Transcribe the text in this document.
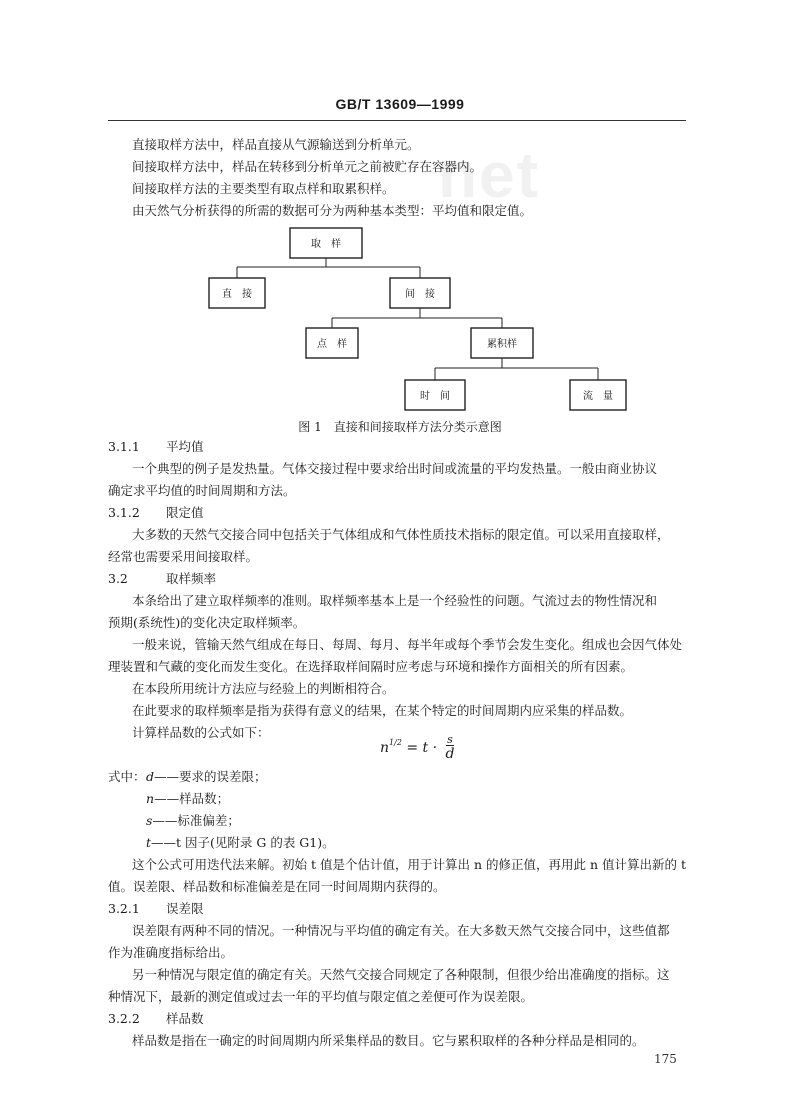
net
GB/T 13609—1999
直接取样方法中，样品直接从气源输送到分析单元。
间接取样方法中，样品在转移到分析单元之前被贮存在容器内。
间接取样方法的主要类型有取点样和取累积样。
由天然气分析获得的所需的数据可分为两种基本类型：平均值和限定值。
取　样
直　接	间　接
点　样	累积样
时　间	流　量
图 1　直接和间接取样方法分类示意图
3.1.1 平均值
一个典型的例子是发热量。气体交接过程中要求给出时间或流量的平均发热量。一般由商业协议
确定求平均值的时间周期和方法。
3.1.2 限定值
大多数的天然气交接合同中包括关于气体组成和气体性质技术指标的限定值。可以采用直接取样，
经常也需要采用间接取样。
3.2	取样频率
本条给出了建立取样频率的准则。取样频率基本上是一个经验性的问题。气流过去的物性情况和
预期(系统性)的变化决定取样频率。
一般来说，管输天然气组成在每日、每周、每月、每半年或每个季节会发生变化。组成也会因气体处
理装置和气藏的变化而发生变化。在选择取样间隔时应考虑与环境和操作方面相关的所有因素。
在本段所用统计方法应与经验上的判断相符合。
在此要求的取样频率是指为获得有意义的结果，在某个特定的时间周期内应采集的样品数。
计算样品数的公式如下：
$n^{1/2} = t \cdot \frac{s}{d}$
式中： d——要求的误差限；
n——样品数；
s——标准偏差；
t——t 因子(见附录 G 的表 G1)。
这个公式可用迭代法来解。初始 t 值是个估计值，用于计算出 n 的修正值，再用此 n 值计算出新的 t
值。误差限、样品数和标准偏差是在同一时间周期内获得的。
3.2.1 误差限
误差限有两种不同的情况。一种情况与平均值的确定有关。在大多数天然气交接合同中，这些值都
作为准确度指标给出。
另一种情况与限定值的确定有关。天然气交接合同规定了各种限制，但很少给出准确度的指标。这
种情况下，最新的测定值或过去一年的平均值与限定值之差便可作为误差限。
3.2.2 样品数
样品数是指在一确定的时间周期内所采集样品的数目。它与累积取样的各种分样品是相同的。
175
